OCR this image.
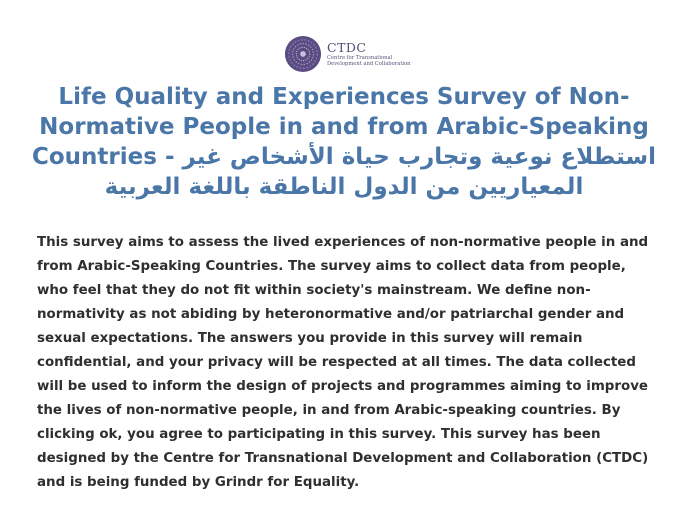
CTDC
Centre for Transnational
Development and Collaboration
Life Quality and Experiences Survey of Non-Normative People in and from Arabic-Speaking Countries - استطلاع نوعية وتجارب حياة الأشخاص غير المعياريين من الدول الناطقة باللغة العربية

This survey aims to assess the lived experiences of non-normative people in and from Arabic-Speaking Countries. The survey aims to collect data from people, who feel that they do not fit within society's mainstream. We define non-normativity as not abiding by heteronormative and/or patriarchal gender and sexual expectations. The answers you provide in this survey will remain confidential, and your privacy will be respected at all times. The data collected will be used to inform the design of projects and programmes aiming to improve the lives of non-normative people, in and from Arabic-speaking countries. By clicking ok, you agree to participating in this survey. This survey has been designed by the Centre for Transnational Development and Collaboration (CTDC) and is being funded by Grindr for Equality.
